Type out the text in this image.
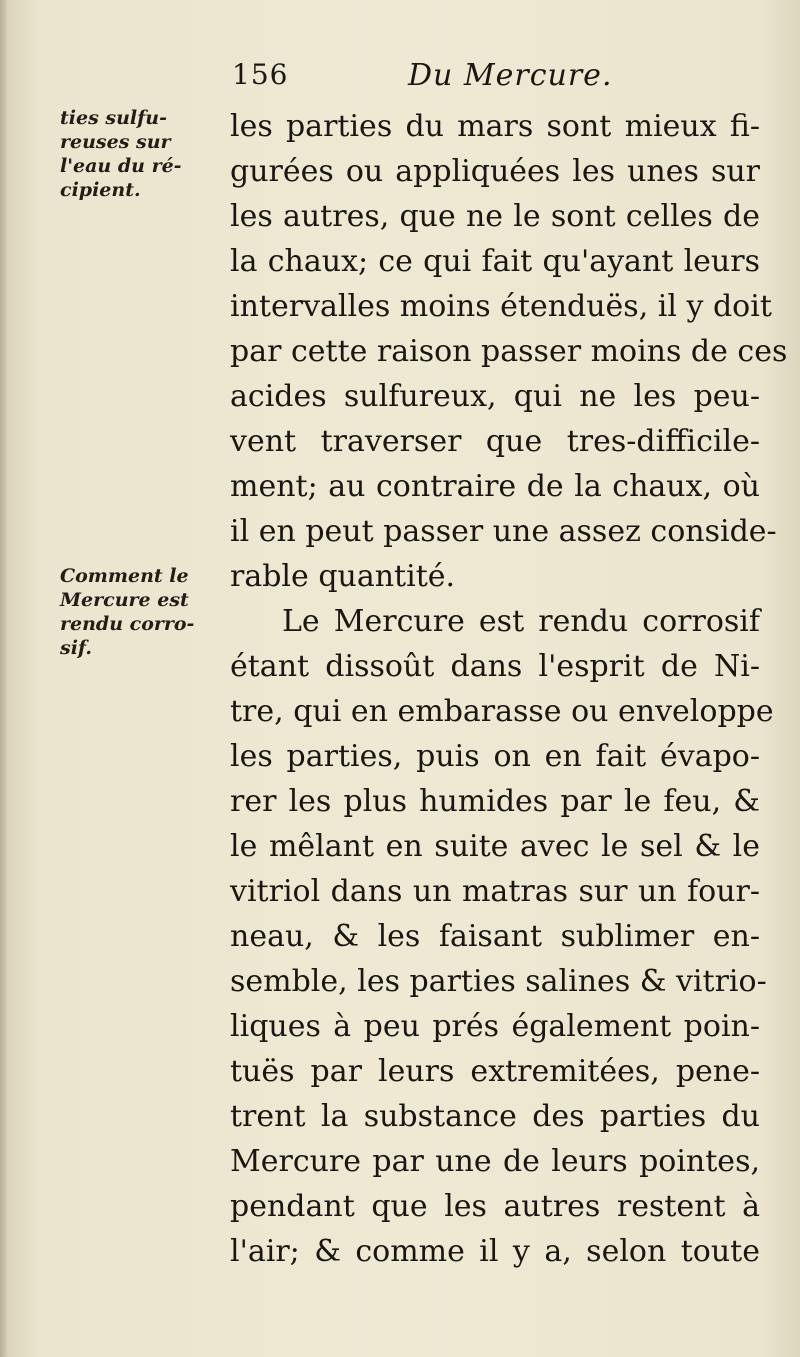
156	Du Mercure.
ties sulfu-
reuses sur
l'eau du ré-
cipient.
Comment le
Mercure est
rendu corro-
sif.
les parties du mars sont mieux fi-
gurées ou appliquées les unes sur
les autres, que ne le sont celles de
la chaux; ce qui fait qu'ayant leurs
intervalles moins étenduës, il y doit
par cette raison passer moins de ces
acides sulfureux, qui ne les peu-
vent traverser que tres-difficile-
ment; au contraire de la chaux, où
il en peut passer une assez conside-
rable quantité.
Le Mercure est rendu corrosif
étant dissoût dans l'esprit de Ni-
tre, qui en embarasse ou enveloppe
les parties, puis on en fait évapo-
rer les plus humides par le feu, &
le mêlant en suite avec le sel & le
vitriol dans un matras sur un four-
neau, & les faisant sublimer en-
semble, les parties salines & vitrio-
liques à peu prés également poin-
tuës par leurs extremitées, pene-
trent la substance des parties du
Mercure par une de leurs pointes,
pendant que les autres restent à
l'air; & comme il y a, selon toute
